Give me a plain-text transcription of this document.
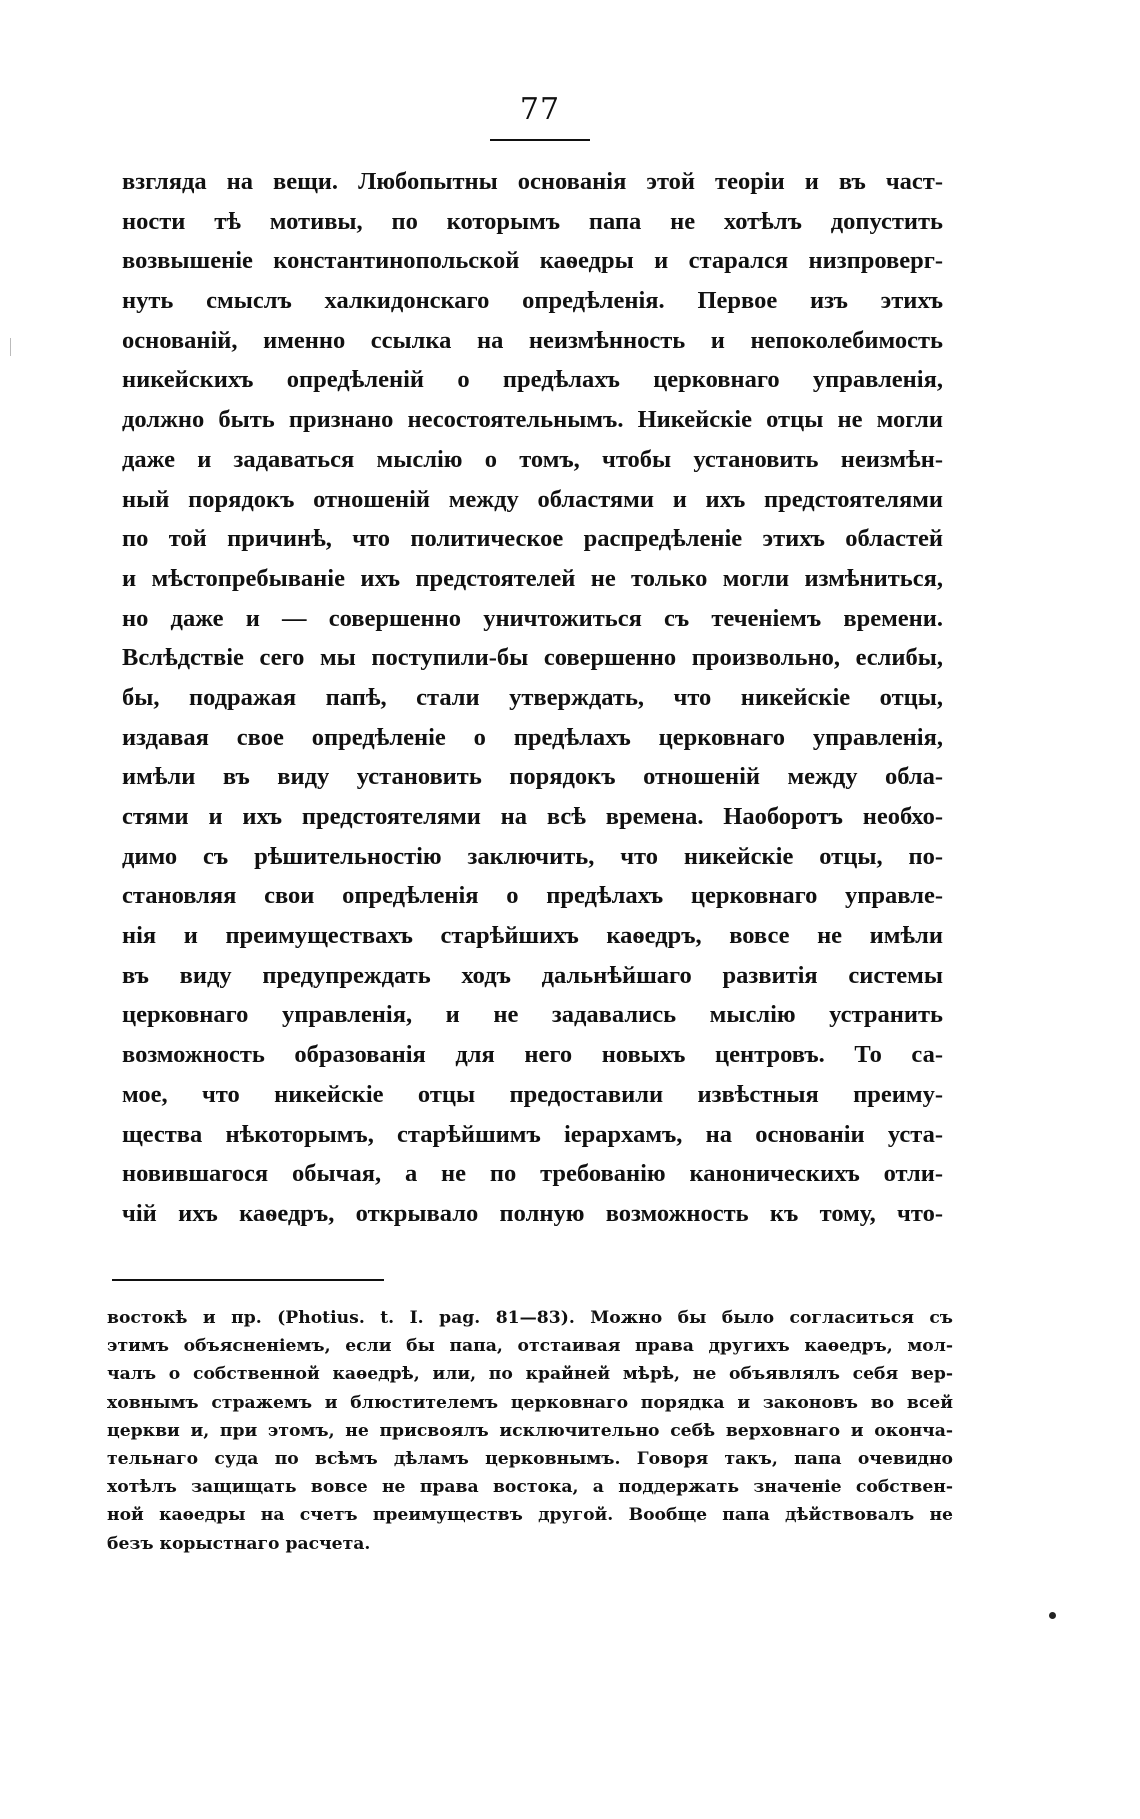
77

взгляда на вещи. Любопытны основанія этой теоріи и въ част-
ности тѣ мотивы, по которымъ папа не хотѣлъ допустить
возвышеніе константинопольской каѳедры и старался низпроверг-
нуть смыслъ халкидонскаго опредѣленія. Первое изъ этихъ
основаній, именно ссылка на неизмѣнность и непоколебимость
никейскихъ опредѣленій о предѣлахъ церковнаго управленія,
должно быть признано несостоятельнымъ. Никейскіе отцы не могли
даже и задаваться мыслію о томъ, чтобы установить неизмѣн-
ный порядокъ отношеній между областями и ихъ предстоятелями
по той причинѣ, что политическое распредѣленіе этихъ областей
и мѣстопребываніе ихъ предстоятелей не только могли измѣниться,
но даже и — совершенно уничтожиться съ теченіемъ времени.
Вслѣдствіе сего мы поступили-бы совершенно произвольно, еслибы,
бы, подражая папѣ, стали утверждать, что никейскіе отцы,
издавая свое опредѣленіе о предѣлахъ церковнаго управленія,
имѣли въ виду установить порядокъ отношеній между обла-
стями и ихъ предстоятелями на всѣ времена. Наоборотъ необхо-
димо съ рѣшительностію заключить, что никейскіе отцы, по-
становляя свои опредѣленія о предѣлахъ церковнаго управле-
нія и преимуществахъ старѣйшихъ каѳедръ, вовсе не имѣли
въ виду предупреждать ходъ дальнѣйшаго развитія системы
церковнаго управленія, и не задавались мыслію устранить
возможность образованія для него новыхъ центровъ. То са-
мое, что никейскіе отцы предоставили извѣстныя преиму-
щества нѣкоторымъ, старѣйшимъ іерархамъ, на основаніи уста-
новившагося обычая, а не по требованію каноническихъ отли-
чій ихъ каѳедръ, открывало полную возможность къ тому, что-
востокѣ и пр. (Photius. t. I. pag. 81—83). Можно бы было согласиться съ
этимъ объясненіемъ, если бы папа, отстаивая права другихъ каѳедръ, мол-
чалъ о собственной каѳедрѣ, или, по крайней мѣрѣ, не объявлялъ себя вер-
ховнымъ стражемъ и блюстителемъ церковнаго порядка и законовъ во всей
церкви и, при этомъ, не присвоялъ исключительно себѣ верховнаго и оконча-
тельнаго суда по всѣмъ дѣламъ церковнымъ. Говоря такъ, папа очевидно
хотѣлъ защищать вовсе не права востока, а поддержать значеніе собствен-
ной каѳедры на счетъ преимуществъ другой. Вообще папа дѣйствовалъ не
безъ корыстнаго расчета.
